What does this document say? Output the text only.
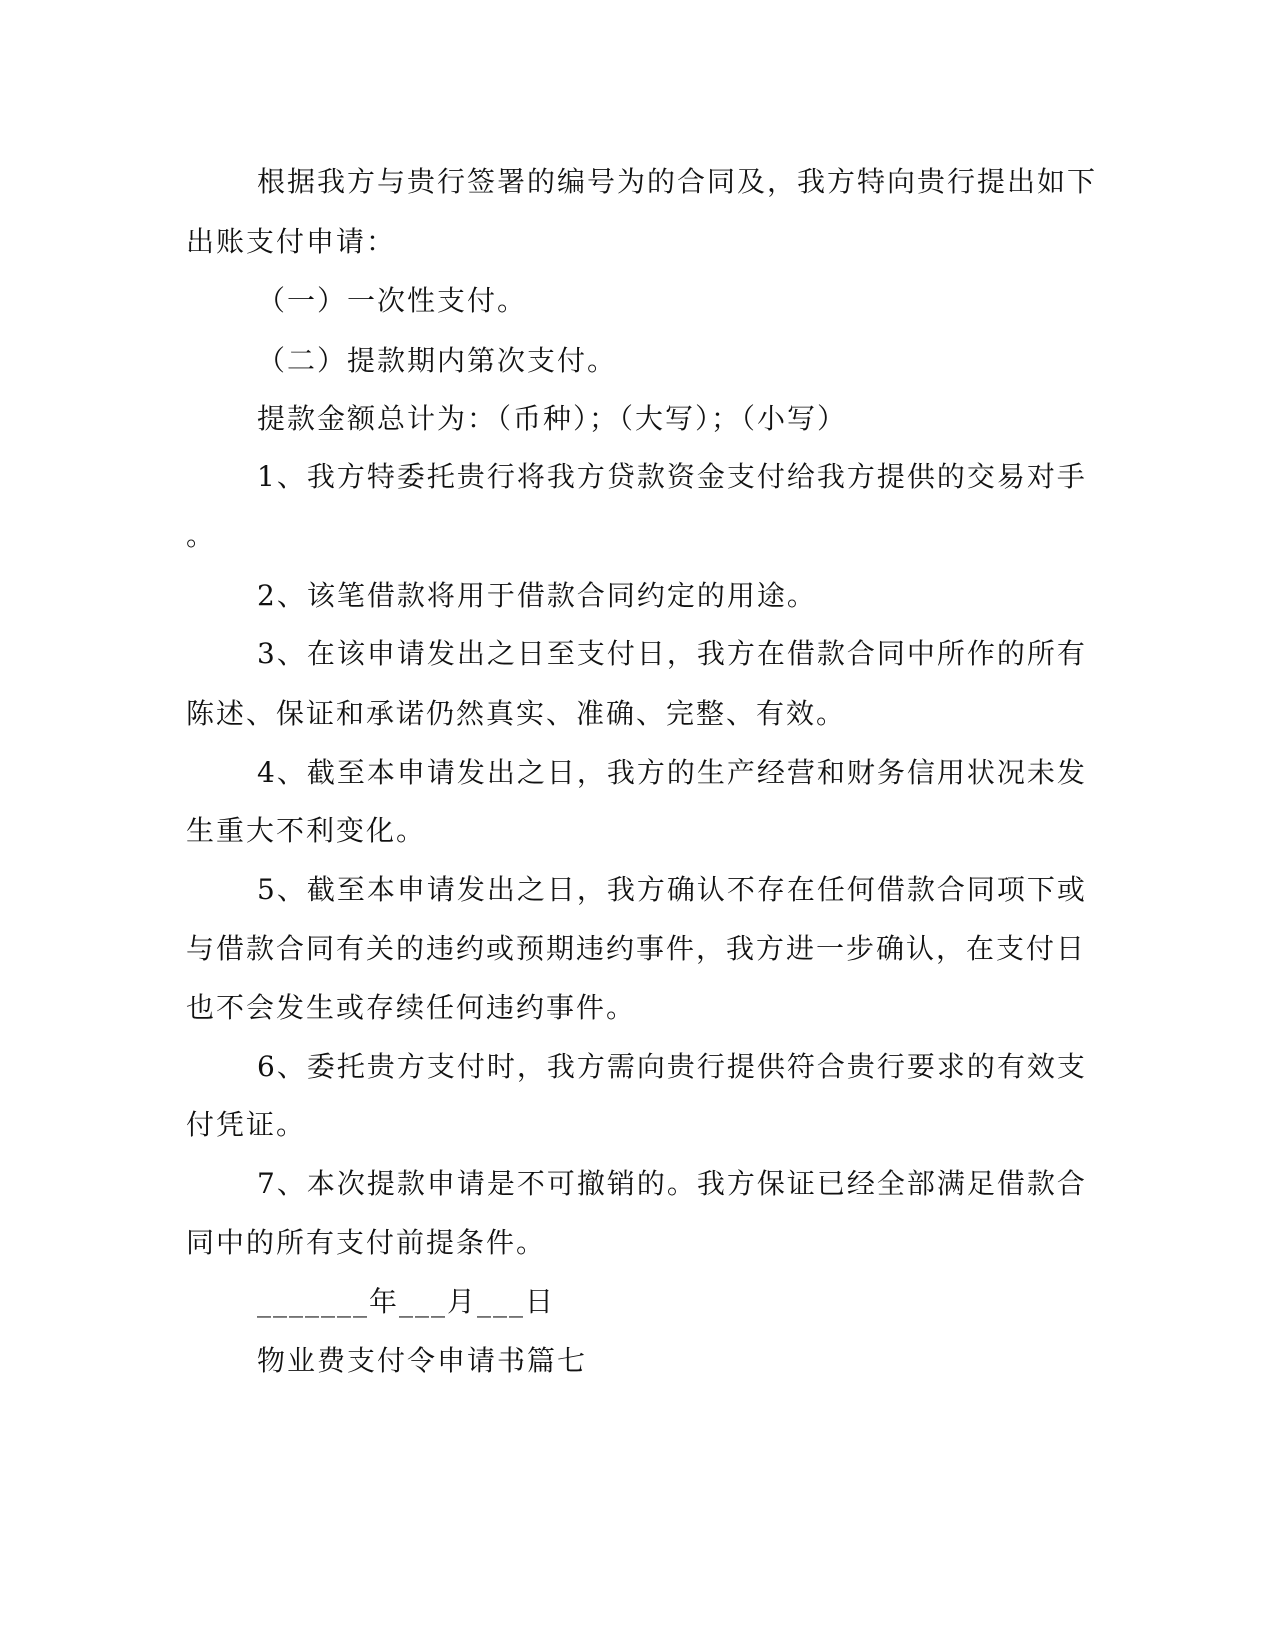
根据我方与贵行签署的编号为的合同及，我方特向贵行提出如下
出账支付申请：
（一）一次性支付。
（二）提款期内第次支付。
提款金额总计为：（币种）；（大写）；（小写）
1、我方特委托贵行将我方贷款资金支付给我方提供的交易对手
。
2、该笔借款将用于借款合同约定的用途。
3、在该申请发出之日至支付日，我方在借款合同中所作的所有
陈述、保证和承诺仍然真实、准确、完整、有效。
4、截至本申请发出之日，我方的生产经营和财务信用状况未发
生重大不利变化。
5、截至本申请发出之日，我方确认不存在任何借款合同项下或
与借款合同有关的违约或预期违约事件，我方进一步确认，在支付日
也不会发生或存续任何违约事件。
6、委托贵方支付时，我方需向贵行提供符合贵行要求的有效支
付凭证。
7、本次提款申请是不可撤销的。我方保证已经全部满足借款合
同中的所有支付前提条件。
_______年___月___日
物业费支付令申请书篇七
